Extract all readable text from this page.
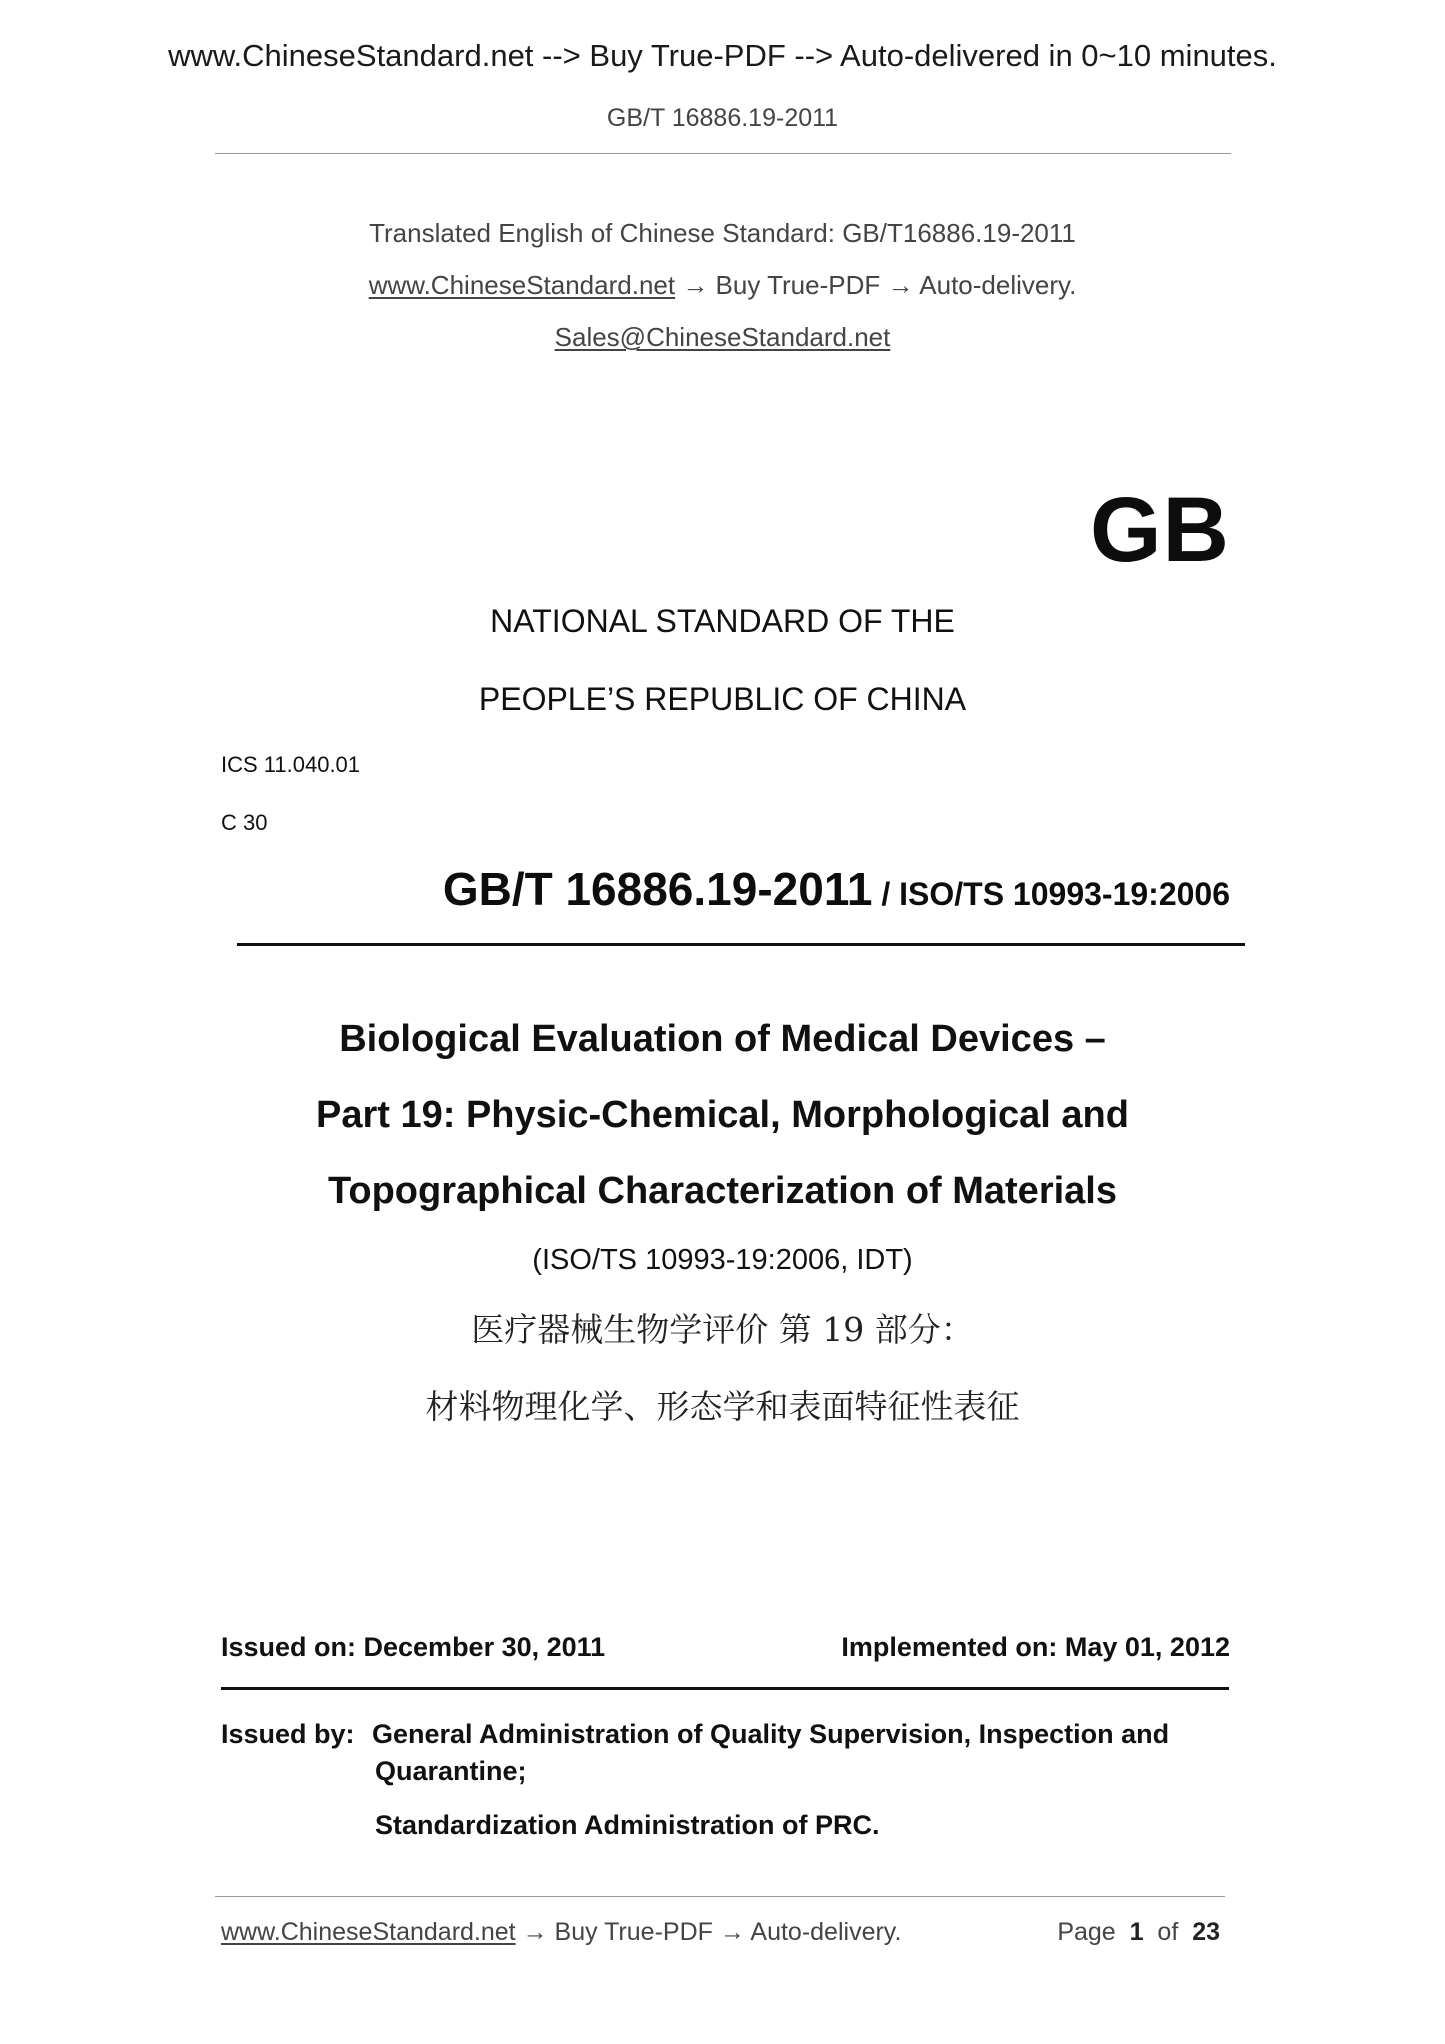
www.ChineseStandard.net --> Buy True-PDF --> Auto-delivered in 0~10 minutes.
GB/T 16886.19-2011
Translated English of Chinese Standard: GB/T16886.19-2011
www.ChineseStandard.net → Buy True-PDF → Auto-delivery.
Sales@ChineseStandard.net
GB
NATIONAL STANDARD OF THE
PEOPLE’S REPUBLIC OF CHINA
ICS 11.040.01
C 30
GB/T 16886.19-2011 / ISO/TS 10993-19:2006
Biological Evaluation of Medical Devices –
Part 19: Physic-Chemical, Morphological and
Topographical Characterization of Materials
(ISO/TS 10993-19:2006, IDT)
医疗器械生物学评价 第 19 部分：
材料物理化学、形态学和表面特征性表征
Issued on: December 30, 2011	Implemented on: May 01, 2012
Issued by: General Administration of Quality Supervision, Inspection and
Quarantine;
Standardization Administration of PRC.
www.ChineseStandard.net → Buy True-PDF → Auto-delivery.	Page 1 of 23
